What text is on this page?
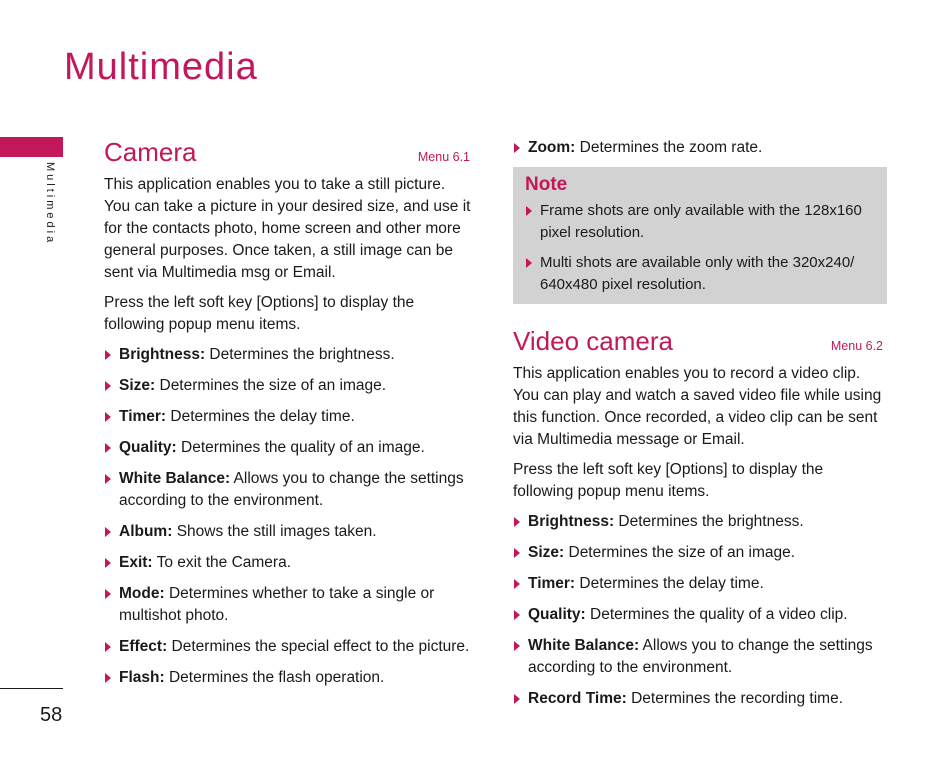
Multimedia
Multimedia
58
Camera	Menu 6.1

This application enables you to take a still picture. You can take a picture in your desired size, and use it for the contacts photo, home screen and other more general purposes. Once taken, a still image can be sent via Multimedia msg or Email.

Press the left soft key [Options] to display the following popup menu items.

Brightness: Determines the brightness.
Size: Determines the size of an image.
Timer: Determines the delay time.
Quality: Determines the quality of an image.
White Balance: Allows you to change the settings according to the environment.
Album: Shows the still images taken.
Exit: To exit the Camera.
Mode: Determines whether to take a single or multishot photo.
Effect: Determines the special effect to the picture.
Flash: Determines the flash operation.
Zoom: Determines the zoom rate.
Note
Frame shots are only available with the 128x160 pixel resolution.
Multi shots are available only with the 320x240/ 640x480 pixel resolution.
Video camera	Menu 6.2

This application enables you to record a video clip. You can play and watch a saved video file while using this function. Once recorded, a video clip can be sent via Multimedia message or Email.

Press the left soft key [Options] to display the following popup menu items.

Brightness: Determines the brightness.
Size: Determines the size of an image.
Timer: Determines the delay time.
Quality: Determines the quality of a video clip.
White Balance: Allows you to change the settings according to the environment.
Record Time: Determines the recording time.
